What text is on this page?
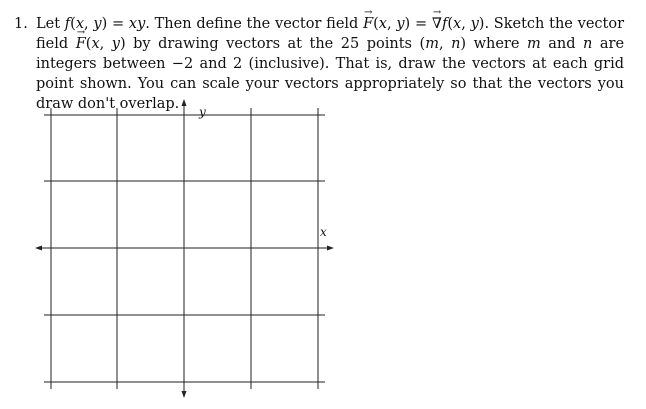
1. Let f(x, y) = xy. Then define the vector field → F(x, y) = → ∇f(x, y). Sketch the vector field → F(x, y) by drawing vectors at the 25 points (m, n) where m and n are integers between −2 and 2 (inclusive). That is, draw the vectors at each grid point shown. You can scale your vectors appropriately so that the vectors you draw don't overlap.	y
x
